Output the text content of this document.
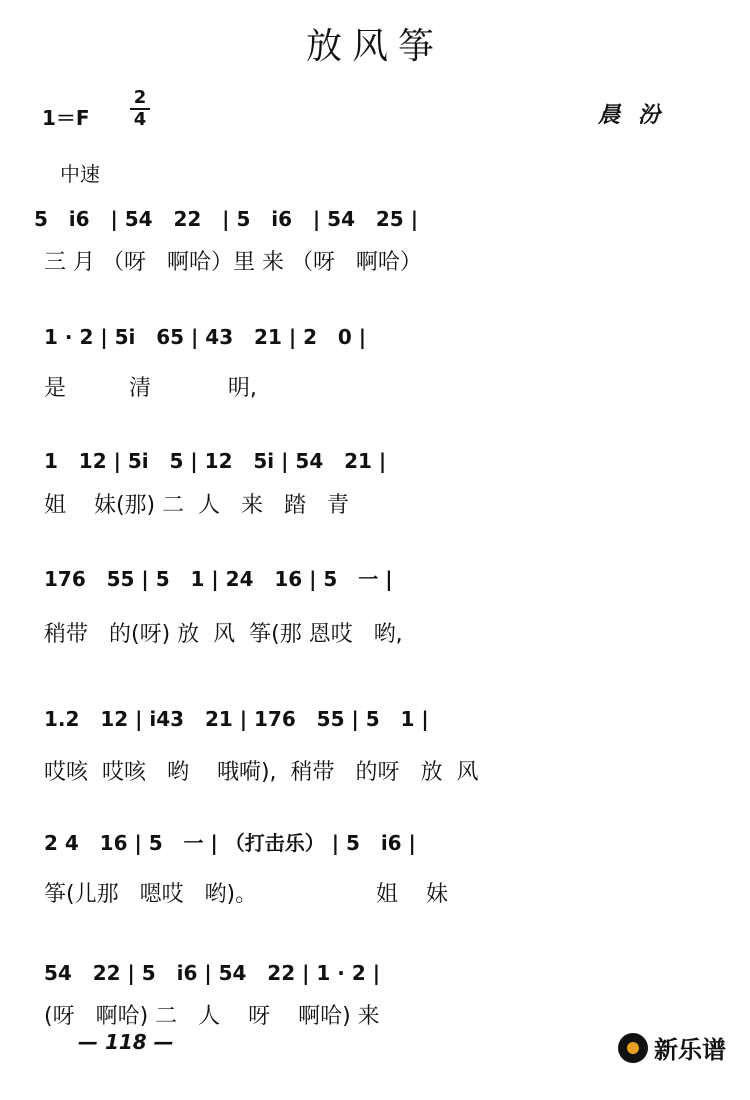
放风筝
1＝F
2
4	晨汾
中速
5   i6   | 54   22   | 5   i6   | 54   25 |
三 月 （呀   啊哈）里 来 （呀   啊哈）
1 · 2 | 5i   65 | 43   21 | 2   0 |
是         清           明,
1   12 | 5i   5 | 12   5i | 54   21 |
姐    妹(那) 二  人   来   踏   青
176   55 | 5   1 | 24   16 | 5   一 |
稍带   的(呀) 放  风  筝(那 恩哎   哟,
1.2   12 | i43   21 | 176   55 | 5   1 |
哎咳  哎咳   哟    哦嗬),  稍带   的呀   放  风
2 4   16 | 5   一 | （打击乐） | 5   i6 |
筝(儿那   嗯哎   哟)。                 姐    妹
54   22 | 5   i6 | 54   22 | 1 · 2 |
(呀   啊哈) 二   人    呀    啊哈) 来
— 118 —	新乐谱
